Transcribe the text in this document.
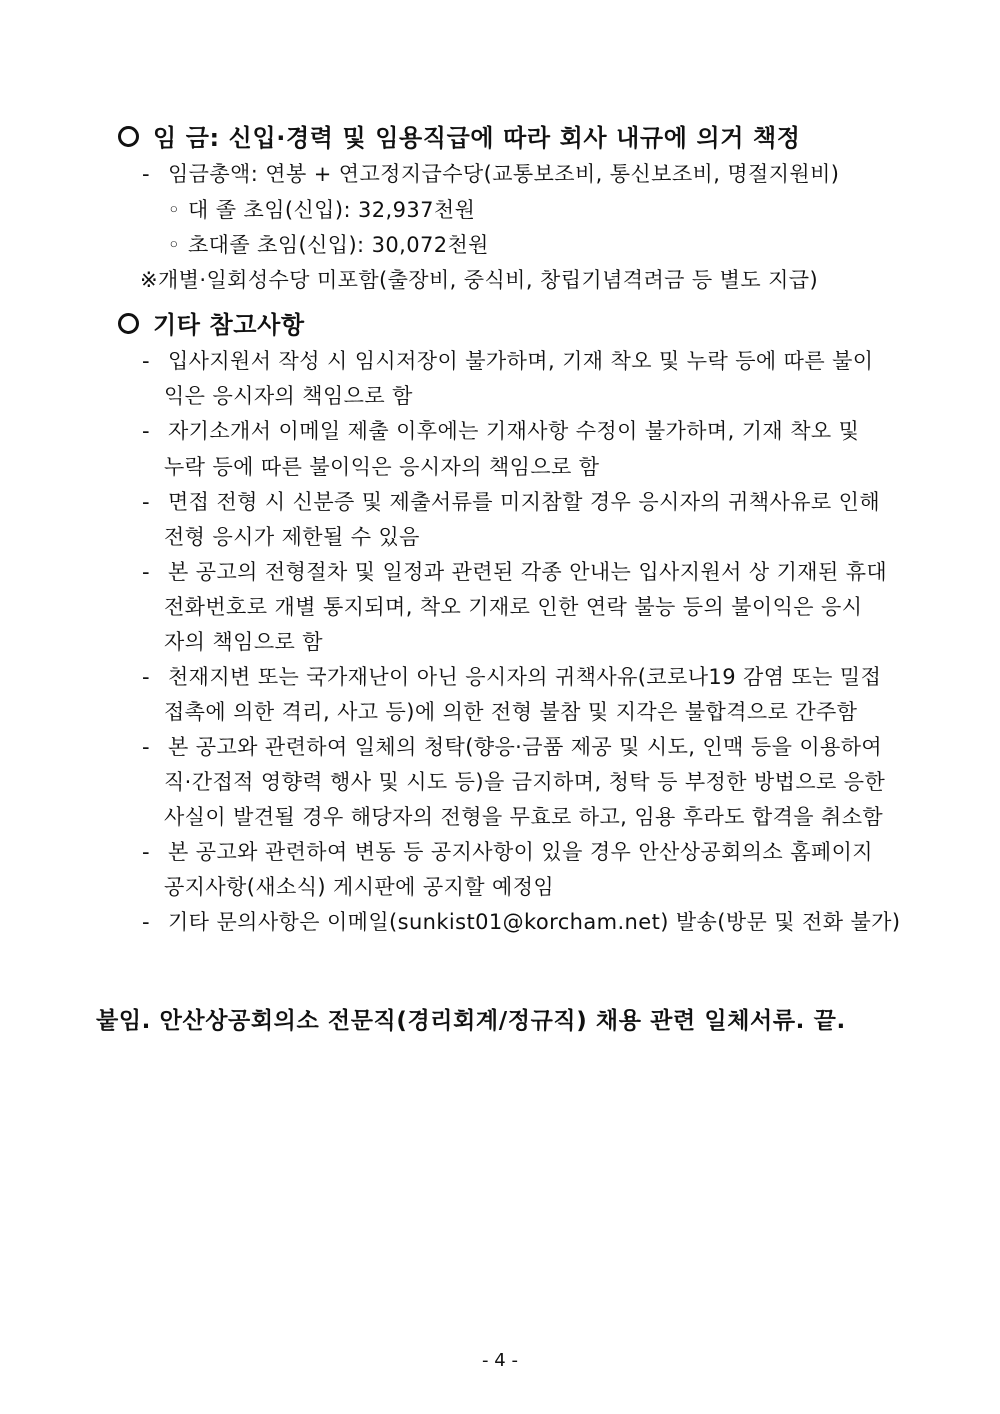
임 금: 신입·경력 및 임용직급에 따라 회사 내규에 의거 책정
- 임금총액: 연봉 + 연고정지급수당(교통보조비, 통신보조비, 명절지원비)
◦ 대 졸 초임(신입): 32,937천원
◦ 초대졸 초임(신입): 30,072천원
※개별·일회성수당 미포함(출장비, 중식비, 창립기념격려금 등 별도 지급)
기타 참고사항
- 입사지원서 작성 시 임시저장이 불가하며, 기재 착오 및 누락 등에 따른 불이
익은 응시자의 책임으로 함
- 자기소개서 이메일 제출 이후에는 기재사항 수정이 불가하며, 기재 착오 및
누락 등에 따른 불이익은 응시자의 책임으로 함
- 면접 전형 시 신분증 및 제출서류를 미지참할 경우 응시자의 귀책사유로 인해
전형 응시가 제한될 수 있음
- 본 공고의 전형절차 및 일정과 관련된 각종 안내는 입사지원서 상 기재된 휴대
전화번호로 개별 통지되며, 착오 기재로 인한 연락 불능 등의 불이익은 응시
자의 책임으로 함
- 천재지변 또는 국가재난이 아닌 응시자의 귀책사유(코로나19 감염 또는 밀접
접촉에 의한 격리, 사고 등)에 의한 전형 불참 및 지각은 불합격으로 간주함
- 본 공고와 관련하여 일체의 청탁(향응·금품 제공 및 시도, 인맥 등을 이용하여
직·간접적 영향력 행사 및 시도 등)을 금지하며, 청탁 등 부정한 방법으로 응한
사실이 발견될 경우 해당자의 전형을 무효로 하고, 임용 후라도 합격을 취소함
- 본 공고와 관련하여 변동 등 공지사항이 있을 경우 안산상공회의소 홈페이지
공지사항(새소식) 게시판에 공지할 예정임
- 기타 문의사항은 이메일(sunkist01@korcham.net) 발송(방문 및 전화 불가)
붙임. 안산상공회의소 전문직(경리회계/정규직) 채용 관련 일체서류. 끝.
- 4 -
